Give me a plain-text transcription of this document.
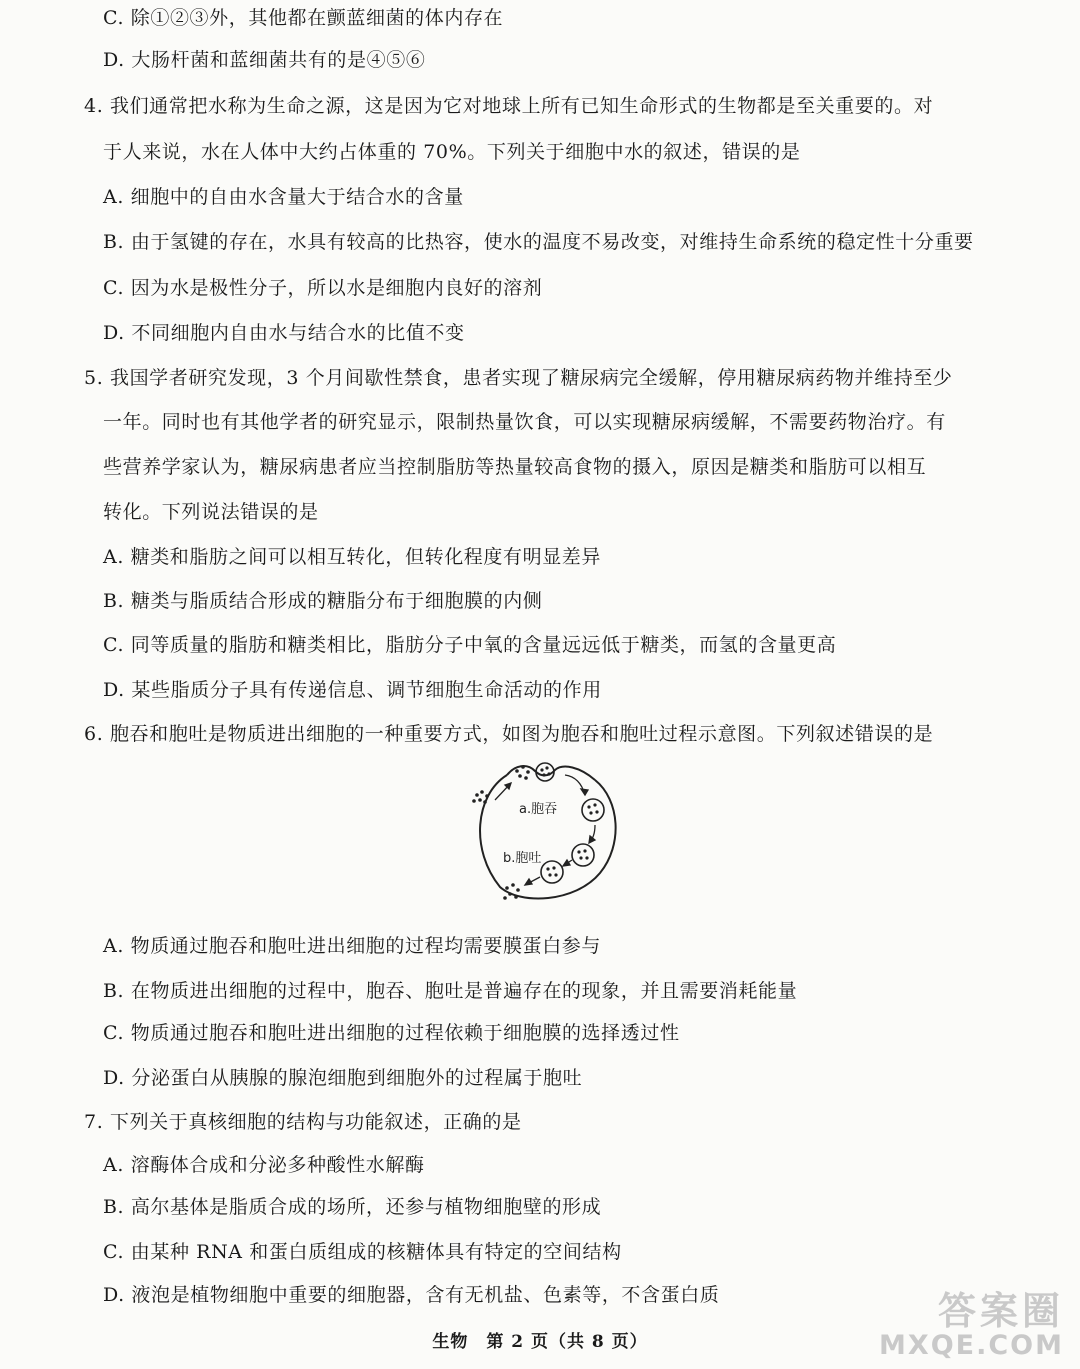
C. 除①②③外，其他都在颤蓝细菌的体内存在
D. 大肠杆菌和蓝细菌共有的是④⑤⑥
4. 我们通常把水称为生命之源，这是因为它对地球上所有已知生命形式的生物都是至关重要的。对
于人来说，水在人体中大约占体重的 70%。下列关于细胞中水的叙述，错误的是
A. 细胞中的自由水含量大于结合水的含量
B. 由于氢键的存在，水具有较高的比热容，使水的温度不易改变，对维持生命系统的稳定性十分重要
C. 因为水是极性分子，所以水是细胞内良好的溶剂
D. 不同细胞内自由水与结合水的比值不变
5. 我国学者研究发现，3 个月间歇性禁食，患者实现了糖尿病完全缓解，停用糖尿病药物并维持至少
一年。同时也有其他学者的研究显示，限制热量饮食，可以实现糖尿病缓解，不需要药物治疗。有
些营养学家认为，糖尿病患者应当控制脂肪等热量较高食物的摄入，原因是糖类和脂肪可以相互
转化。下列说法错误的是
A. 糖类和脂肪之间可以相互转化，但转化程度有明显差异
B. 糖类与脂质结合形成的糖脂分布于细胞膜的内侧
C. 同等质量的脂肪和糖类相比，脂肪分子中氧的含量远远低于糖类，而氢的含量更高
D. 某些脂质分子具有传递信息、调节细胞生命活动的作用
6. 胞吞和胞吐是物质进出细胞的一种重要方式，如图为胞吞和胞吐过程示意图。下列叙述错误的是
a.胞吞
b.胞吐
A. 物质通过胞吞和胞吐进出细胞的过程均需要膜蛋白参与
B. 在物质进出细胞的过程中，胞吞、胞吐是普遍存在的现象，并且需要消耗能量
C. 物质通过胞吞和胞吐进出细胞的过程依赖于细胞膜的选择透过性
D. 分泌蛋白从胰腺的腺泡细胞到细胞外的过程属于胞吐
7. 下列关于真核细胞的结构与功能叙述，正确的是
A. 溶酶体合成和分泌多种酸性水解酶
B. 高尔基体是脂质合成的场所，还参与植物细胞壁的形成
C. 由某种 RNA 和蛋白质组成的核糖体具有特定的空间结构
D. 液泡是植物细胞中重要的细胞器，含有无机盐、色素等，不含蛋白质
生物　第 2 页（共 8 页）
答案圈
MXQE.COM
